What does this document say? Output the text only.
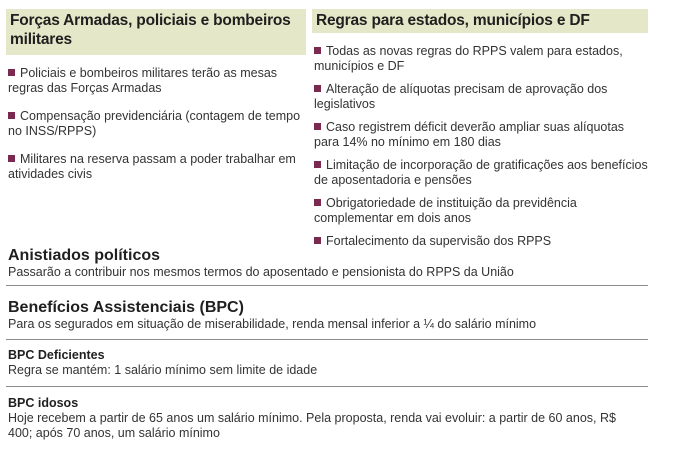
Forças Armadas, policiais e bombeiros militares
Regras para estados, municípios e DF
Policiais e bombeiros militares terão as mesas regras das Forças Armadas
Compensação previdenciária (contagem de tempo no INSS/RPPS)
Militares na reserva passam a poder trabalhar em atividades civis
Todas as novas regras do RPPS valem para estados, municípios e DF
Alteração de alíquotas precisam de aprovação dos legislativos
Caso registrem déficit deverão ampliar suas alíquotas para 14% no mínimo em 180 dias
Limitação de incorporação de gratificações aos benefícios de aposentadoria e pensões
Obrigatoriedade de instituição da previdência complementar em dois anos
Fortalecimento da supervisão dos RPPS
Anistiados políticos
Passarão a contribuir nos mesmos termos do aposentado e pensionista do RPPS da União
Benefícios Assistenciais (BPC)
Para os segurados em situação de miserabilidade, renda mensal inferior a ¼ do salário mínimo
BPC Deficientes
Regra se mantém: 1 salário mínimo sem limite de idade
BPC idosos
Hoje recebem a partir de 65 anos um salário mínimo. Pela proposta, renda vai evoluir: a partir de 60 anos, R$ 400; após 70 anos, um salário mínimo
